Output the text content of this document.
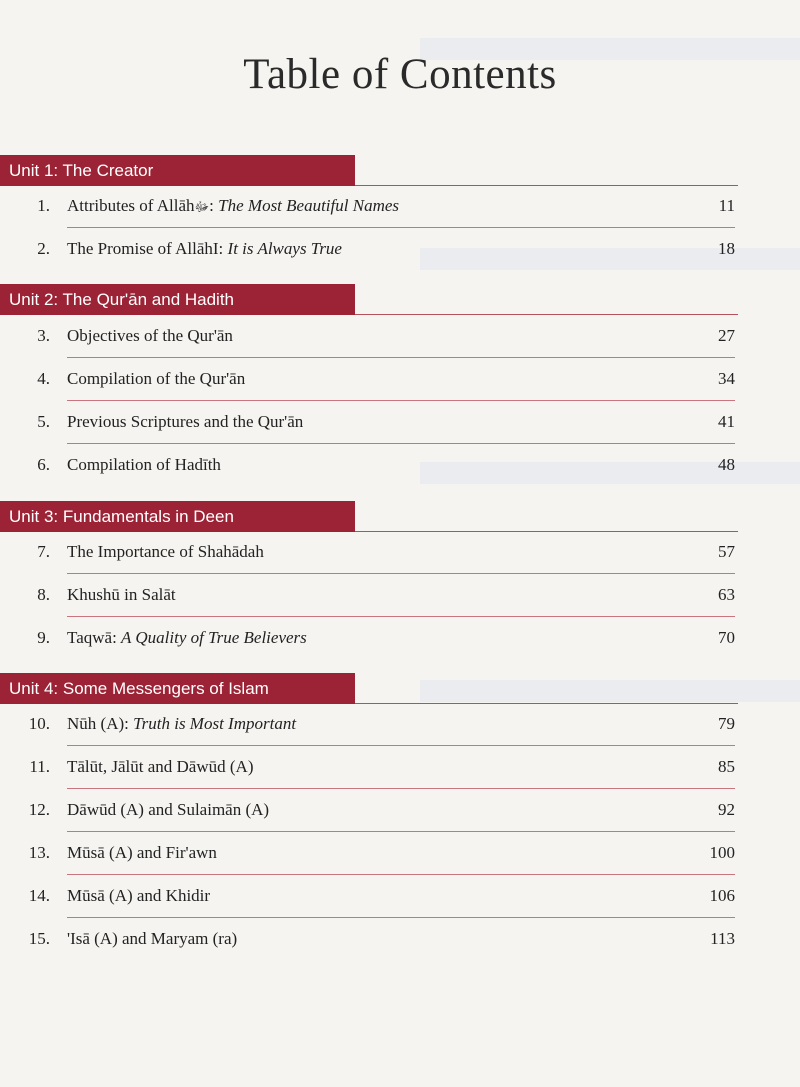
Table of Contents
Unit 1: The Creator
1. Attributes of Allāhﷻ: The Most Beautiful Names	11
2. The Promise of AllāhI: It is Always True	18
Unit 2: The Qur'ān and Hadith
3. Objectives of the Qur'ān	27
4. Compilation of the Qur'ān	34
5. Previous Scriptures and the Qur'ān	41
6. Compilation of Hadīth	48
Unit 3: Fundamentals in Deen
7. The Importance of Shahādah	57
8. Khushū in Salāt	63
9. Taqwā: A Quality of True Believers	70
Unit 4: Some Messengers of Islam
10. Nūh (A): Truth is Most Important	79
11. Tālūt, Jālūt and Dāwūd (A)	85
12. Dāwūd (A) and Sulaimān (A)	92
13. Mūsā (A) and Fir'awn	100
14. Mūsā (A) and Khidir	106
15. 'Isā (A) and Maryam (ra)	113
